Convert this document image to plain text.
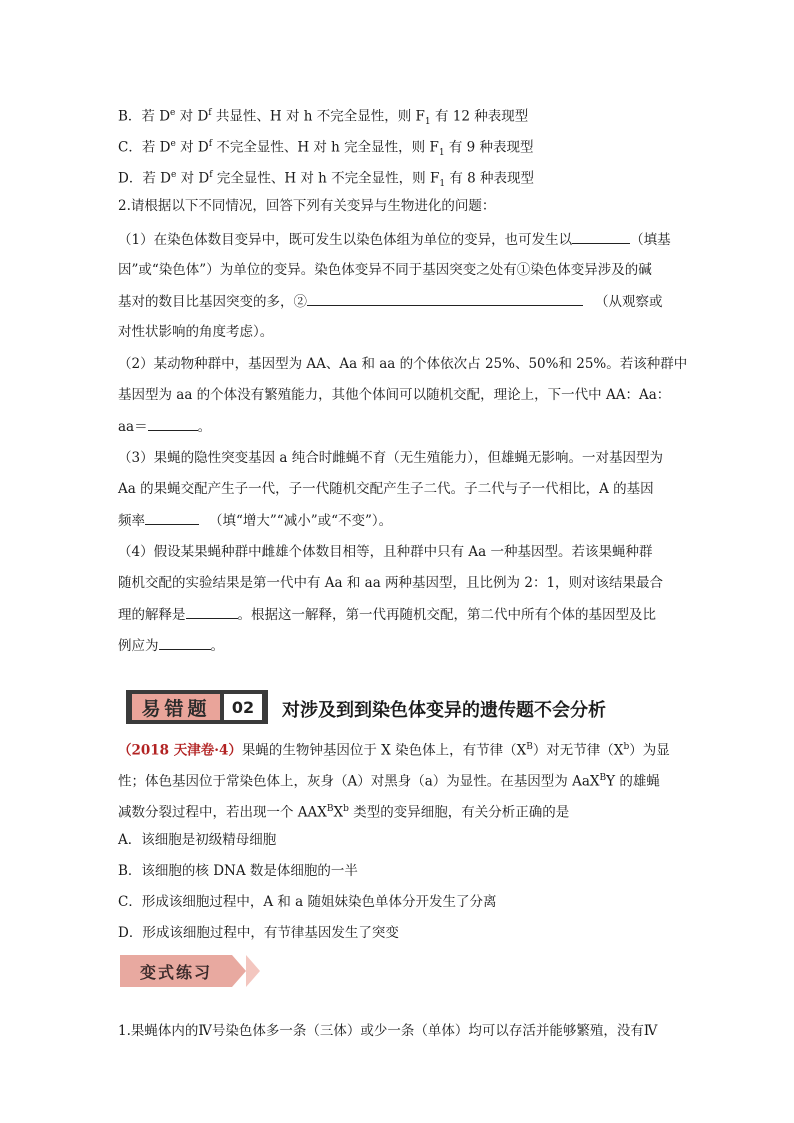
B．若 De 对 $D^f$ 共显性、H 对 h 不完全显性，则 $F_1$ 有 12 种表现型
C．若 De 对 $D^f$ 不完全显性、H 对 h 完全显性，则 $F_1$ 有 9 种表现型
D．若 De 对 $D^f$ 完全显性、H 对 h 不完全显性，则 $F_1$ 有 8 种表现型
2.请根据以下不同情况，回答下列有关变异与生物进化的问题：
（1）在染色体数目变异中，既可发生以染色体组为单位的变异，也可发生以	（填基
因”或“染色体”）为单位的变异。染色体变异不同于基因突变之处有①染色体变异涉及的碱
基对的数目比基因突变的多，②	（从观察或
对性状影响的角度考虑）。
（2）某动物种群中，基因型为 AA、Aa 和 aa 的个体依次占 25%、50%和 25%。若该种群中
基因型为 aa 的个体没有繁殖能力，其他个体间可以随机交配，理论上，下一代中 AA：Aa：
aa＝	。
（3）果蝇的隐性突变基因 a 纯合时雌蝇不育（无生殖能力），但雄蝇无影响。一对基因型为
Aa 的果蝇交配产生子一代，子一代随机交配产生子二代。子二代与子一代相比，A 的基因
频率	（填“增大”“减小”或“不变”）。
（4）假设某果蝇种群中雌雄个体数目相等，且种群中只有 Aa 一种基因型。若该果蝇种群
随机交配的实验结果是第一代中有 Aa 和 aa 两种基因型，且比例为 2：1，则对该结果最合
理的解释是	。根据这一解释，第一代再随机交配，第二代中所有个体的基因型及比
例应为	。
易错题	02	对涉及到到染色体变异的遗传题不会分析
（2018 天津卷·4）果蝇的生物钟基因位于 X 染色体上，有节律$(X^B)$对无节律$(X^b)$为显
性；体色基因位于常染色体上，灰身（A）对黑身（a）为显性。在基因型为 AaX$^B$Y 的雄蝇
减数分裂过程中，若出现一个 $AAX^BX^b$ 类型的变异细胞，有关分析正确的是
A．该细胞是初级精母细胞
B．该细胞的核 DNA 数是体细胞的一半
C．形成该细胞过程中，A 和 a 随姐妹染色单体分开发生了分离
D．形成该细胞过程中，有节律基因发生了突变
变式练习
1.果蝇体内的Ⅳ号染色体多一条（三体）或少一条（单体）均可以存活并能够繁殖，没有Ⅳ
